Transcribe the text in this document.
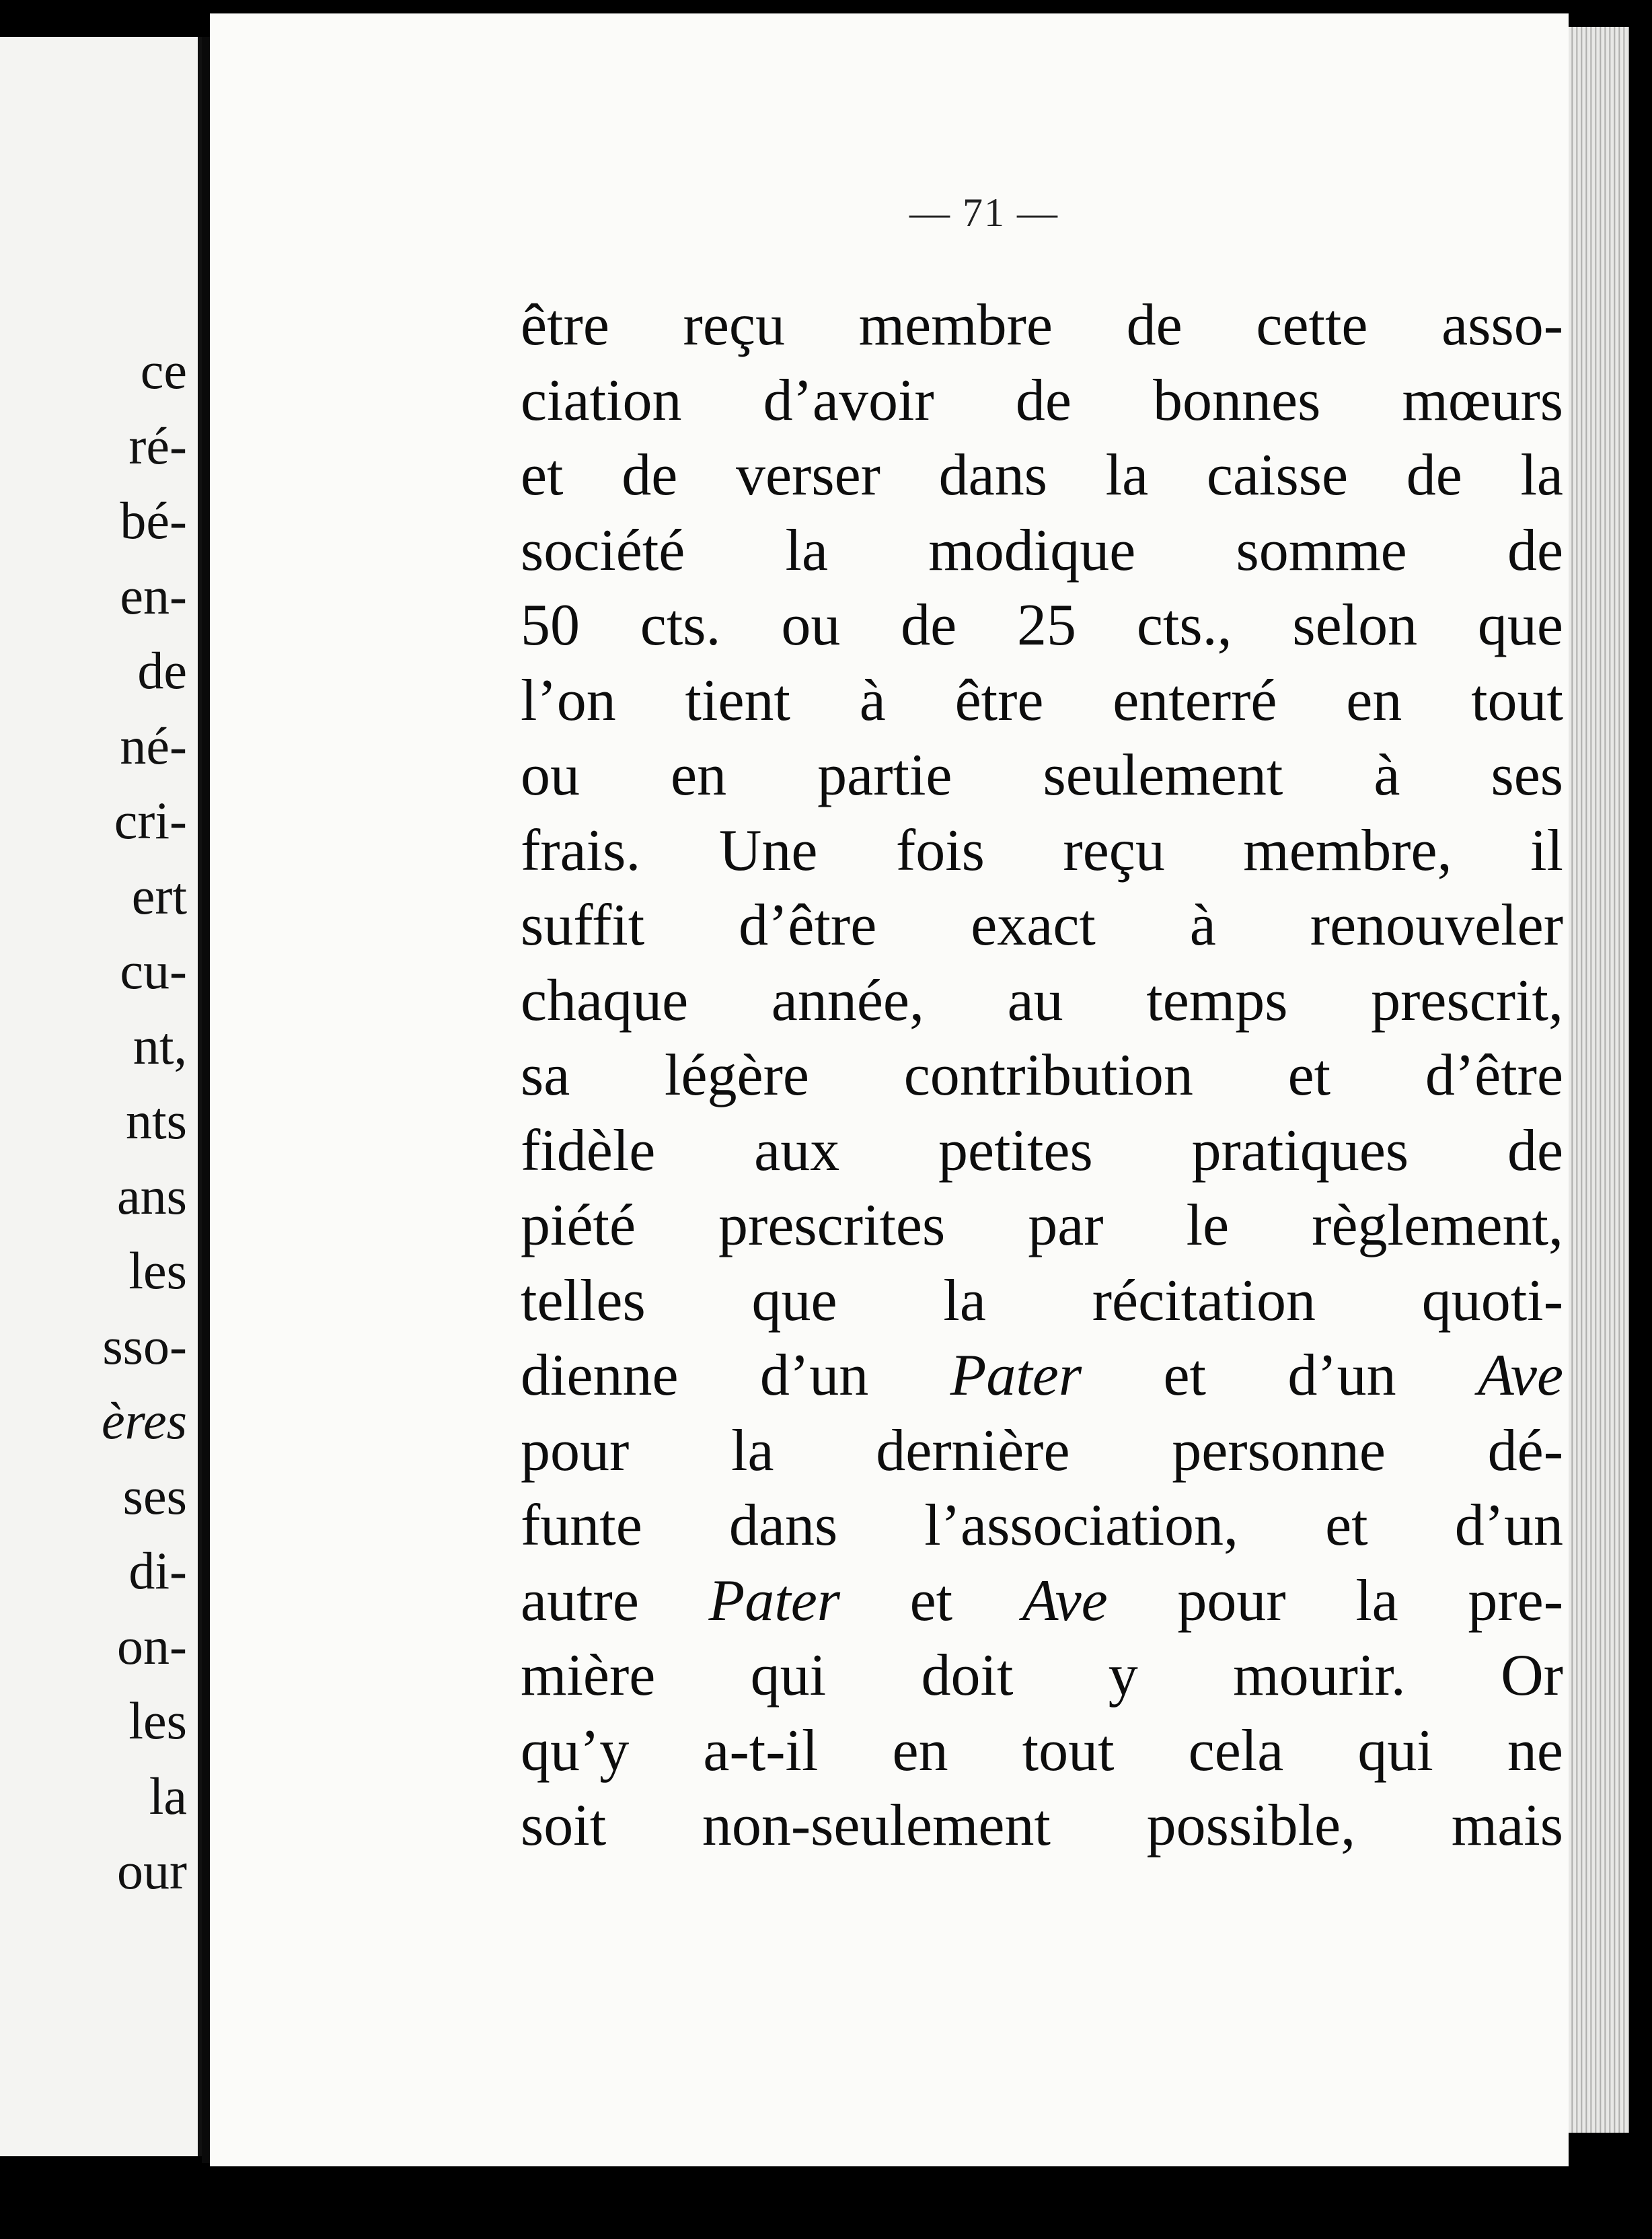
ce
ré-
bé-
en-
de
né-
cri-
ert
cu-
nt,
nts
ans
les
sso-
ères
ses
di-
on-
les
la
our
— 71 —
être reçu membre de cette asso-
ciation d’avoir de bonnes mœurs
et de verser dans la caisse de la
société la modique somme de
50 cts. ou de 25 cts., selon que
l’on tient à être enterré en tout
ou en partie seulement à ses
frais. Une fois reçu membre, il
suffit d’être exact à renouveler
chaque année, au temps prescrit,
sa légère contribution et d’être
fidèle aux petites pratiques de
piété prescrites par le règlement,
telles que la récitation quoti-
dienne d’un Pater et d’un Ave
pour la dernière personne dé-
funte dans l’association, et d’un
autre Pater et Ave pour la pre-
mière qui doit y mourir. Or
qu’y a-t-il en tout cela qui ne
soit non-seulement possible, mais
